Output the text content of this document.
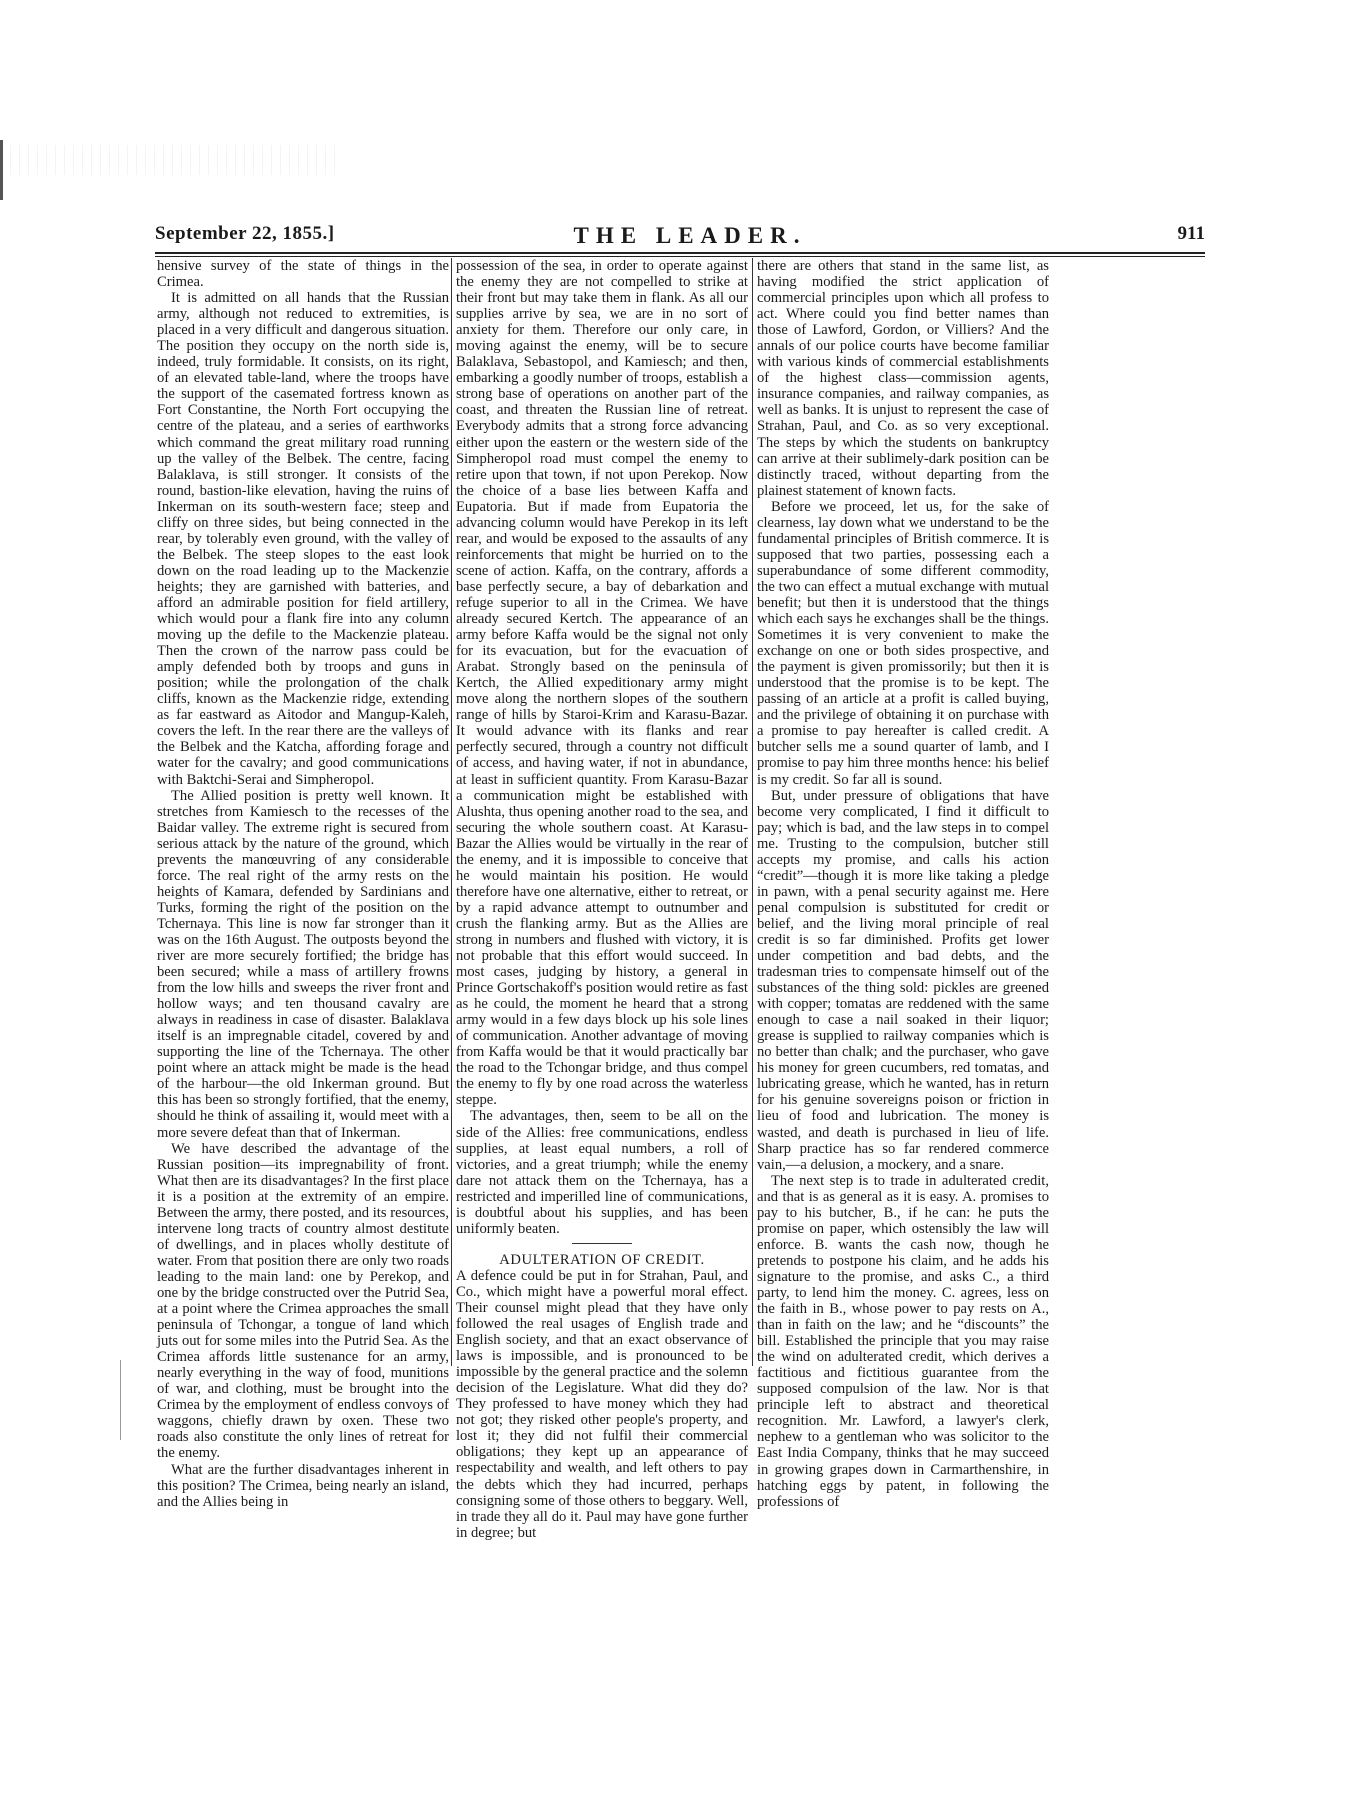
September 22, 1855.]	THE LEADER.	911

hensive survey of the state of things in the Crimea.

It is admitted on all hands that the Russian army, although not reduced to extremities, is placed in a very difficult and dangerous situation. The position they occupy on the north side is, indeed, truly formidable. It consists, on its right, of an elevated table-land, where the troops have the support of the casemated fortress known as Fort Constantine, the North Fort occupying the centre of the plateau, and a series of earthworks which command the great military road running up the valley of the Belbek. The centre, facing Balaklava, is still stronger. It consists of the round, bastion-like elevation, having the ruins of Inkerman on its south-western face; steep and cliffy on three sides, but being connected in the rear, by tolerably even ground, with the valley of the Belbek. The steep slopes to the east look down on the road leading up to the Mackenzie heights; they are garnished with batteries, and afford an admirable position for field artillery, which would pour a flank fire into any column moving up the defile to the Mackenzie plateau. Then the crown of the narrow pass could be amply defended both by troops and guns in position; while the prolongation of the chalk cliffs, known as the Mackenzie ridge, extending as far eastward as Aitodor and Mangup-Kaleh, covers the left. In the rear there are the valleys of the Belbek and the Katcha, affording forage and water for the cavalry; and good communications with Baktchi-Serai and Simpheropol.

The Allied position is pretty well known. It stretches from Kamiesch to the recesses of the Baidar valley. The extreme right is secured from serious attack by the nature of the ground, which prevents the manœuvring of any considerable force. The real right of the army rests on the heights of Kamara, defended by Sardinians and Turks, forming the right of the position on the Tchernaya. This line is now far stronger than it was on the 16th August. The outposts beyond the river are more securely fortified; the bridge has been secured; while a mass of artillery frowns from the low hills and sweeps the river front and hollow ways; and ten thousand cavalry are always in readiness in case of disaster. Balaklava itself is an impregnable citadel, covered by and supporting the line of the Tchernaya. The other point where an attack might be made is the head of the harbour—the old Inkerman ground. But this has been so strongly fortified, that the enemy, should he think of assailing it, would meet with a more severe defeat than that of Inkerman.

We have described the advantage of the Russian position—its impregnability of front. What then are its disadvantages? In the first place it is a position at the extremity of an empire. Between the army, there posted, and its resources, intervene long tracts of country almost destitute of dwellings, and in places wholly destitute of water. From that position there are only two roads leading to the main land: one by Perekop, and one by the bridge constructed over the Putrid Sea, at a point where the Crimea approaches the small peninsula of Tchongar, a tongue of land which juts out for some miles into the Putrid Sea. As the Crimea affords little sustenance for an army, nearly everything in the way of food, munitions of war, and clothing, must be brought into the Crimea by the employment of endless convoys of waggons, chiefly drawn by oxen. These two roads also constitute the only lines of retreat for the enemy.

What are the further disadvantages inherent in this position? The Crimea, being nearly an island, and the Allies being in

possession of the sea, in order to operate against the enemy they are not compelled to strike at their front but may take them in flank. As all our supplies arrive by sea, we are in no sort of anxiety for them. Therefore our only care, in moving against the enemy, will be to secure Balaklava, Sebastopol, and Kamiesch; and then, embarking a goodly number of troops, establish a strong base of operations on another part of the coast, and threaten the Russian line of retreat. Everybody admits that a strong force advancing either upon the eastern or the western side of the Simpheropol road must compel the enemy to retire upon that town, if not upon Perekop. Now the choice of a base lies between Kaffa and Eupatoria. But if made from Eupatoria the advancing column would have Perekop in its left rear, and would be exposed to the assaults of any reinforcements that might be hurried on to the scene of action. Kaffa, on the contrary, affords a base perfectly secure, a bay of debarkation and refuge superior to all in the Crimea. We have already secured Kertch. The appearance of an army before Kaffa would be the signal not only for its evacuation, but for the evacuation of Arabat. Strongly based on the peninsula of Kertch, the Allied expeditionary army might move along the northern slopes of the southern range of hills by Staroi-Krim and Karasu-Bazar. It would advance with its flanks and rear perfectly secured, through a country not difficult of access, and having water, if not in abundance, at least in sufficient quantity. From Karasu-Bazar a communication might be established with Alushta, thus opening another road to the sea, and securing the whole southern coast. At Karasu-Bazar the Allies would be virtually in the rear of the enemy, and it is impossible to conceive that he would maintain his position. He would therefore have one alternative, either to retreat, or by a rapid advance attempt to outnumber and crush the flanking army. But as the Allies are strong in numbers and flushed with victory, it is not probable that this effort would succeed. In most cases, judging by history, a general in Prince Gortschakoff's position would retire as fast as he could, the moment he heard that a strong army would in a few days block up his sole lines of communication. Another advantage of moving from Kaffa would be that it would practically bar the road to the Tchongar bridge, and thus compel the enemy to fly by one road across the waterless steppe.

The advantages, then, seem to be all on the side of the Allies: free communications, endless supplies, at least equal numbers, a roll of victories, and a great triumph; while the enemy dare not attack them on the Tchernaya, has a restricted and imperilled line of communications, is doubtful about his supplies, and has been uniformly beaten.

ADULTERATION OF CREDIT.

A defence could be put in for Strahan, Paul, and Co., which might have a powerful moral effect. Their counsel might plead that they have only followed the real usages of English trade and English society, and that an exact observance of laws is impossible, and is pronounced to be impossible by the general practice and the solemn decision of the Legislature. What did they do? They professed to have money which they had not got; they risked other people's property, and lost it; they did not fulfil their commercial obligations; they kept up an appearance of respectability and wealth, and left others to pay the debts which they had incurred, perhaps consigning some of those others to beggary. Well, in trade they all do it. Paul may have gone further in degree; but

there are others that stand in the same list, as having modified the strict application of commercial principles upon which all profess to act. Where could you find better names than those of Lawford, Gordon, or Villiers? And the annals of our police courts have become familiar with various kinds of commercial establishments of the highest class—commission agents, insurance companies, and railway companies, as well as banks. It is unjust to represent the case of Strahan, Paul, and Co. as so very exceptional. The steps by which the students on bankruptcy can arrive at their sublimely-dark position can be distinctly traced, without departing from the plainest statement of known facts.

Before we proceed, let us, for the sake of clearness, lay down what we understand to be the fundamental principles of British commerce. It is supposed that two parties, possessing each a superabundance of some different commodity, the two can effect a mutual exchange with mutual benefit; but then it is understood that the things which each says he exchanges shall be the things. Sometimes it is very convenient to make the exchange on one or both sides prospective, and the payment is given promissorily; but then it is understood that the promise is to be kept. The passing of an article at a profit is called buying, and the privilege of obtaining it on purchase with a promise to pay hereafter is called credit. A butcher sells me a sound quarter of lamb, and I promise to pay him three months hence: his belief is my credit. So far all is sound.

But, under pressure of obligations that have become very complicated, I find it difficult to pay; which is bad, and the law steps in to compel me. Trusting to the compulsion, butcher still accepts my promise, and calls his action “credit”—though it is more like taking a pledge in pawn, with a penal security against me. Here penal compulsion is substituted for credit or belief, and the living moral principle of real credit is so far diminished. Profits get lower under competition and bad debts, and the tradesman tries to compensate himself out of the substances of the thing sold: pickles are greened with copper; tomatas are reddened with the same enough to case a nail soaked in their liquor; grease is supplied to railway companies which is no better than chalk; and the purchaser, who gave his money for green cucumbers, red tomatas, and lubricating grease, which he wanted, has in return for his genuine sovereigns poison or friction in lieu of food and lubrication. The money is wasted, and death is purchased in lieu of life. Sharp practice has so far rendered commerce vain,—a delusion, a mockery, and a snare.

The next step is to trade in adulterated credit, and that is as general as it is easy. A. promises to pay to his butcher, B., if he can: he puts the promise on paper, which ostensibly the law will enforce. B. wants the cash now, though he pretends to postpone his claim, and he adds his signature to the promise, and asks C., a third party, to lend him the money. C. agrees, less on the faith in B., whose power to pay rests on A., than in faith on the law; and he “discounts” the bill. Established the principle that you may raise the wind on adulterated credit, which derives a factitious and fictitious guarantee from the supposed compulsion of the law. Nor is that principle left to abstract and theoretical recognition. Mr. Lawford, a lawyer's clerk, nephew to a gentleman who was solicitor to the East India Company, thinks that he may succeed in growing grapes down in Carmarthenshire, in hatching eggs by patent, in following the professions of
